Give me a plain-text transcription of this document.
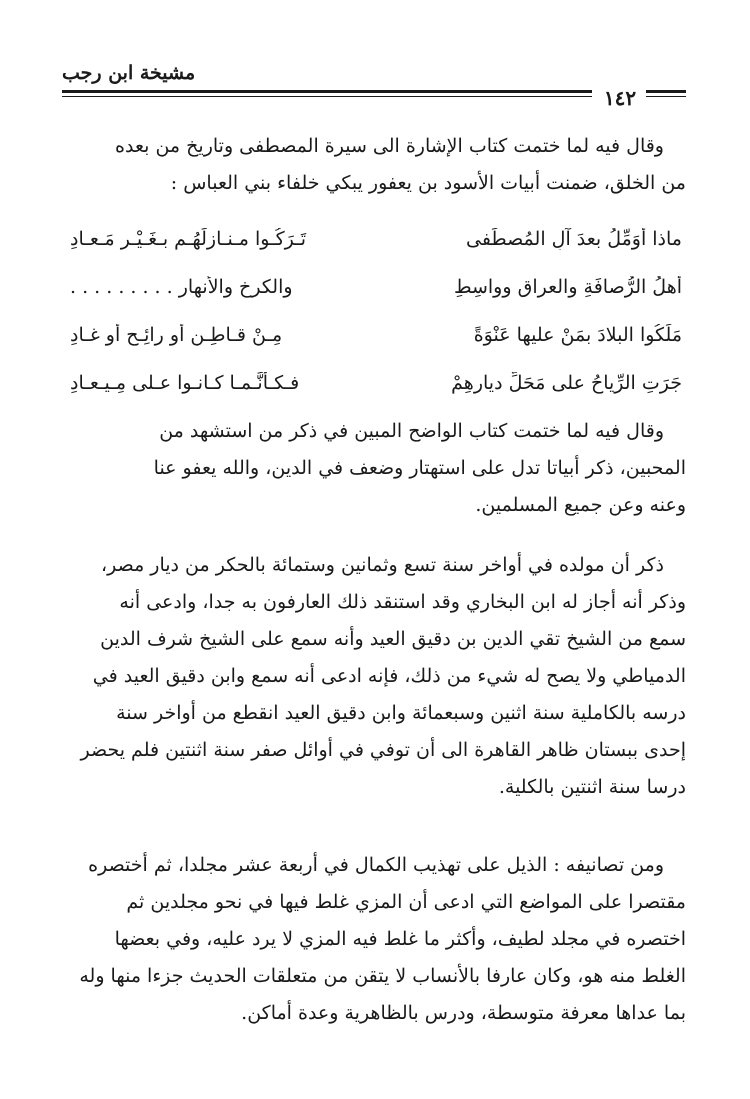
مشيخة ابن رجب
١٤٢
وقال فيه لما ختمت كتاب الإشارة الى سيرة المصطفى وتاريخ من بعده
من الخلق، ضمنت أبيات الأسود بن يعفور يبكي خلفاء بني العباس :
ماذا أُوَمِّلُ بعدَ آلِ المُصطَفى
تَـرَكُـوا مـنـازِلَهُـم بـغَـيْـرِ مَـعـادِ
أهلُ الرُّصافَةِ والعراقِ وواسِطِ
والكرخِ والأنهارِ . . . . . . . . .
مَلَكُوا البلادَ بمَنْ عليها عَنْوَةً
مِـنْ قـاطِـنٍ أو رائِـحٍ أو غـادِ
جَرَتِ الرِّياحُ على مَحَلِّ ديارِهِمْ
فـكـأنَّـمـا كـانـوا عـلى مِـيـعـادِ
وقال فيه لما ختمت كتاب الواضح المبين في ذكر من استشهد من
المحبين، ذكر أبياتا تدل على استهتار وضعف في الدين، والله يعفو عنا
وعنه وعن جميع المسلمين.
ذكر أن مولده في أواخر سنة تسع وثمانين وستمائة بالحكر من ديار مصر،
وذكر أنه أجاز له ابن البخاري وقد استنقد ذلك العارفون به جدا، وادعى أنه
سمع من الشيخ تقي الدين بن دقيق العيد وأنه سمع على الشيخ شرف الدين
الدمياطي ولا يصح له شيء من ذلك، فإنه ادعى أنه سمع وابن دقيق العيد في
درسه بالكاملية سنة اثنين وسبعمائة وابن دقيق العيد انقطع من أواخر سنة
إحدى ببستان ظاهر القاهرة الى أن توفي في أوائل صفر سنة اثنتين فلم يحضر
درسا سنة اثنتين بالكلية.
ومن تصانيفه : الذيل على تهذيب الكمال في أربعة عشر مجلدا، ثم أختصره
مقتصرا على المواضع التي ادعى أن المزي غلط فيها في نحو مجلدين ثم
اختصره في مجلد لطيف، وأكثر ما غلط فيه المزي لا يرد عليه، وفي بعضها
الغلط منه هو، وكان عارفا بالأنساب لا يتقن من متعلقات الحديث جزءا منها وله
بما عداها معرفة متوسطة، ودرس بالظاهرية وعدة أماكن.
